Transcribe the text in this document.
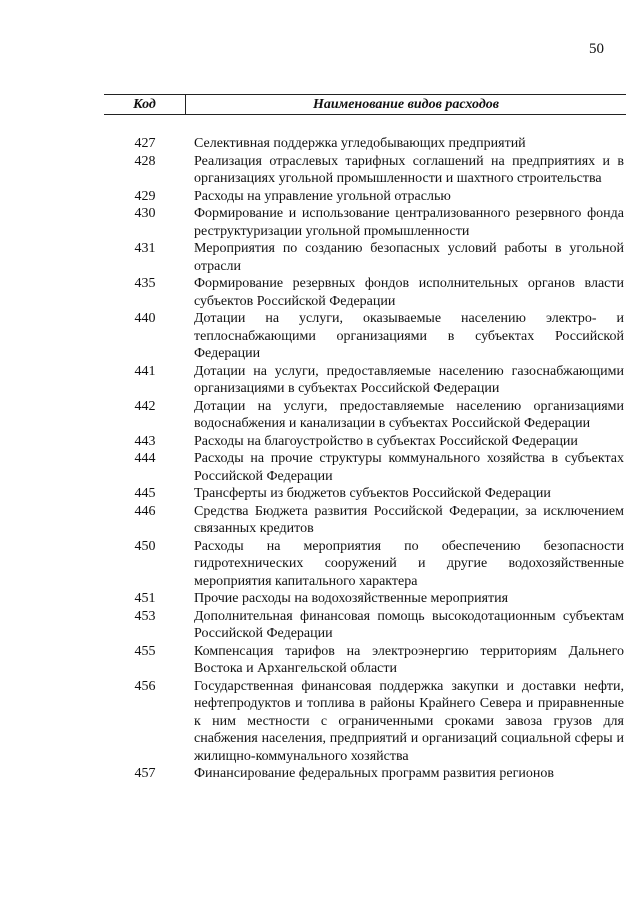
50
Код	Наименование видов расходов
427	Селективная поддержка угледобывающих предприятий
428	Реализация отраслевых тарифных соглашений на предприятиях и в организациях угольной промышленности и шахтного строительства
429	Расходы на управление угольной отраслью
430	Формирование и использование централизованного резервного фонда реструктуризации угольной промышленности
431	Мероприятия по созданию безопасных условий работы в угольной отрасли
435	Формирование резервных фондов исполнительных органов власти субъектов Российской Федерации
440	Дотации на услуги, оказываемые населению электро- и теплоснабжающими организациями в субъектах Российской Федерации
441	Дотации на услуги, предоставляемые населению газоснабжающими организациями в субъектах Российской Федерации
442	Дотации на услуги, предоставляемые населению организациями водоснабжения и канализации в субъектах Российской Федерации
443	Расходы на благоустройство в субъектах Российской Федерации
444	Расходы на прочие структуры коммунального хозяйства в субъектах Российской Федерации
445	Трансферты из бюджетов субъектов Российской Федерации
446	Средства Бюджета развития Российской Федерации, за исключением связанных кредитов
450	Расходы на мероприятия по обеспечению безопасности гидротехнических сооружений и другие водохозяйственные мероприятия капитального характера
451	Прочие расходы на водохозяйственные мероприятия
453	Дополнительная финансовая помощь высокодотационным субъектам Российской Федерации
455	Компенсация тарифов на электроэнергию территориям Дальнего Востока и Архангельской области
456	Государственная финансовая поддержка закупки и доставки нефти, нефтепродуктов и топлива в районы Крайнего Севера и приравненные к ним местности с ограниченными сроками завоза грузов для снабжения населения, предприятий и организаций социальной сферы и жилищно-коммунального хозяйства
457	Финансирование федеральных программ развития регионов
